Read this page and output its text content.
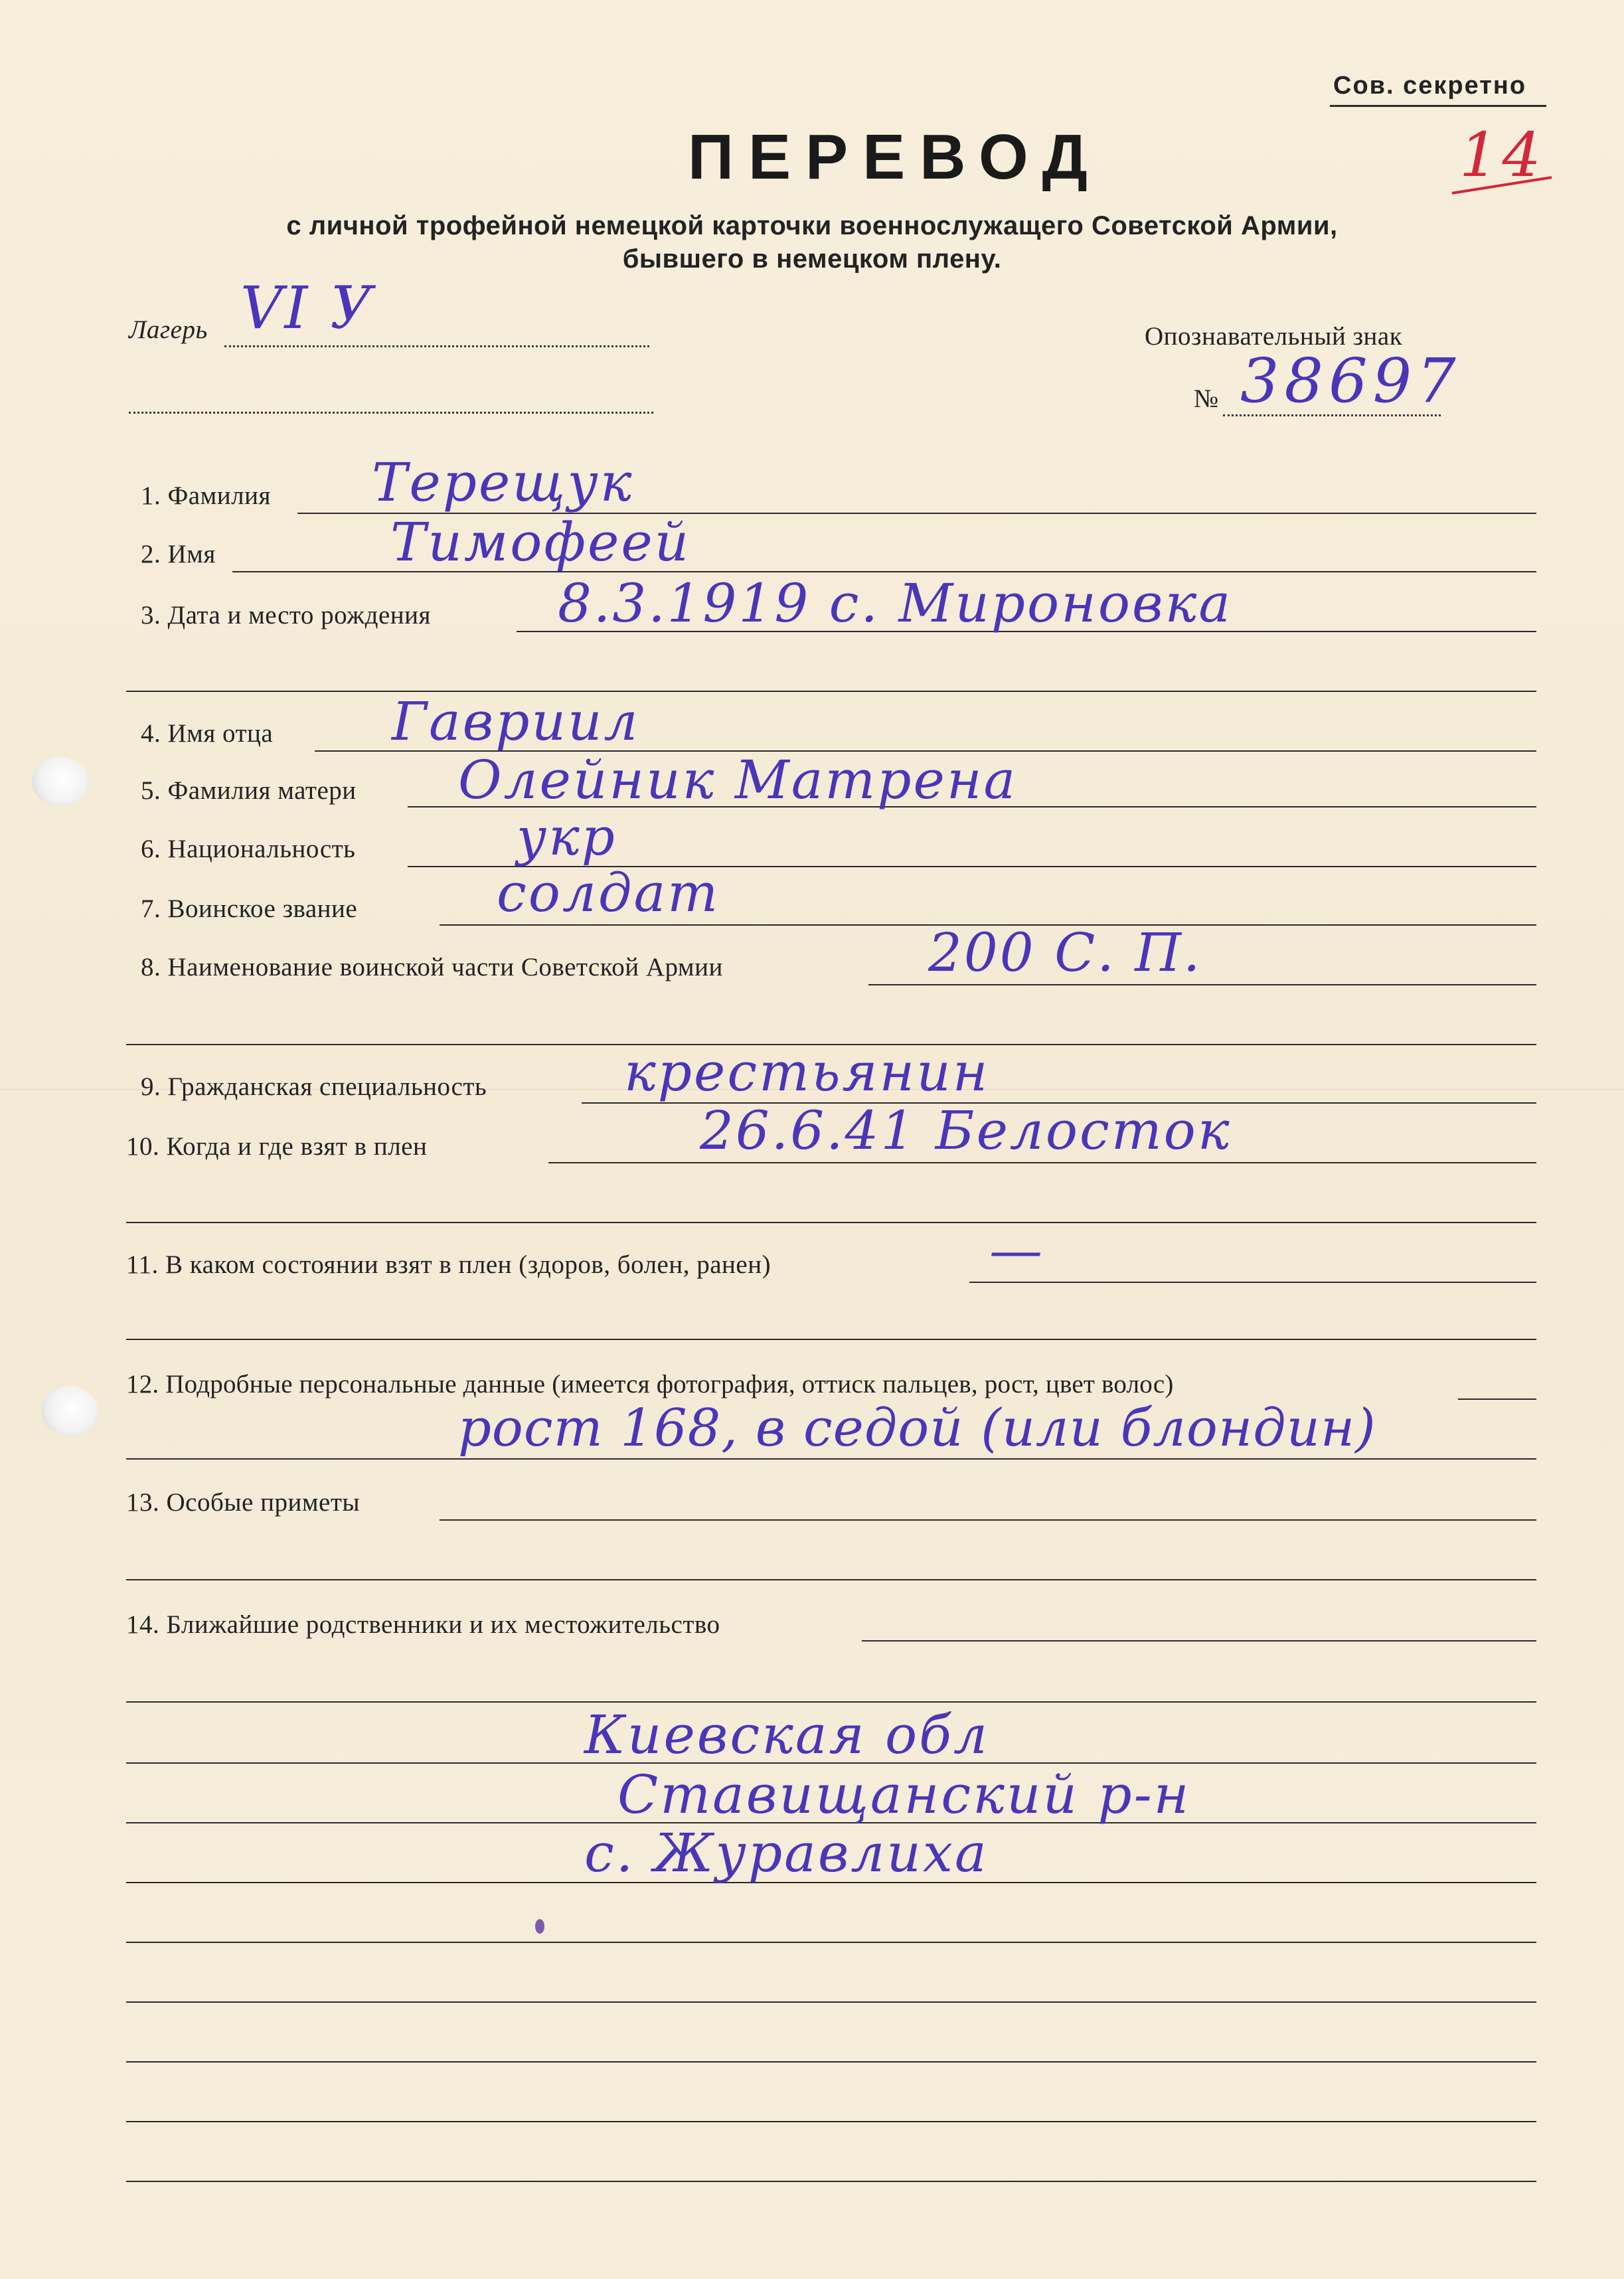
Сов. секретно
14
ПЕРЕВОД
с личной трофейной немецкой карточки военнослужащего Советской Армии,
бывшего в немецком плену.
Лагерь VI У	Опознавательный знак
№ 38697
1. Фамилия Терещук
2. Имя	Тимофеей
3. Дата и место рождения 8.3.1919 с. Мироновка
4. Имя отца Гавриил
5. Фамилия матери Олейник Матрена
6. Национальность	укр
7. Воинское звание	солдат
8. Наименование воинской части Советской Армии	200 С. П.
9. Гражданская специальность	крестьянин
10. Когда и где взят в плен	26.6.41 Белосток
11. В каком состоянии взят в плен (здоров, болен, ранен)	—
12. Подробные персональные данные (имеется фотография, оттиск пальцев, рост, цвет волос)
рост 168, в седой (или блондин)
13. Особые приметы
14. Ближайшие родственники и их местожительство
Киевская обл
Ставищанский р-н
с. Журавлиха
